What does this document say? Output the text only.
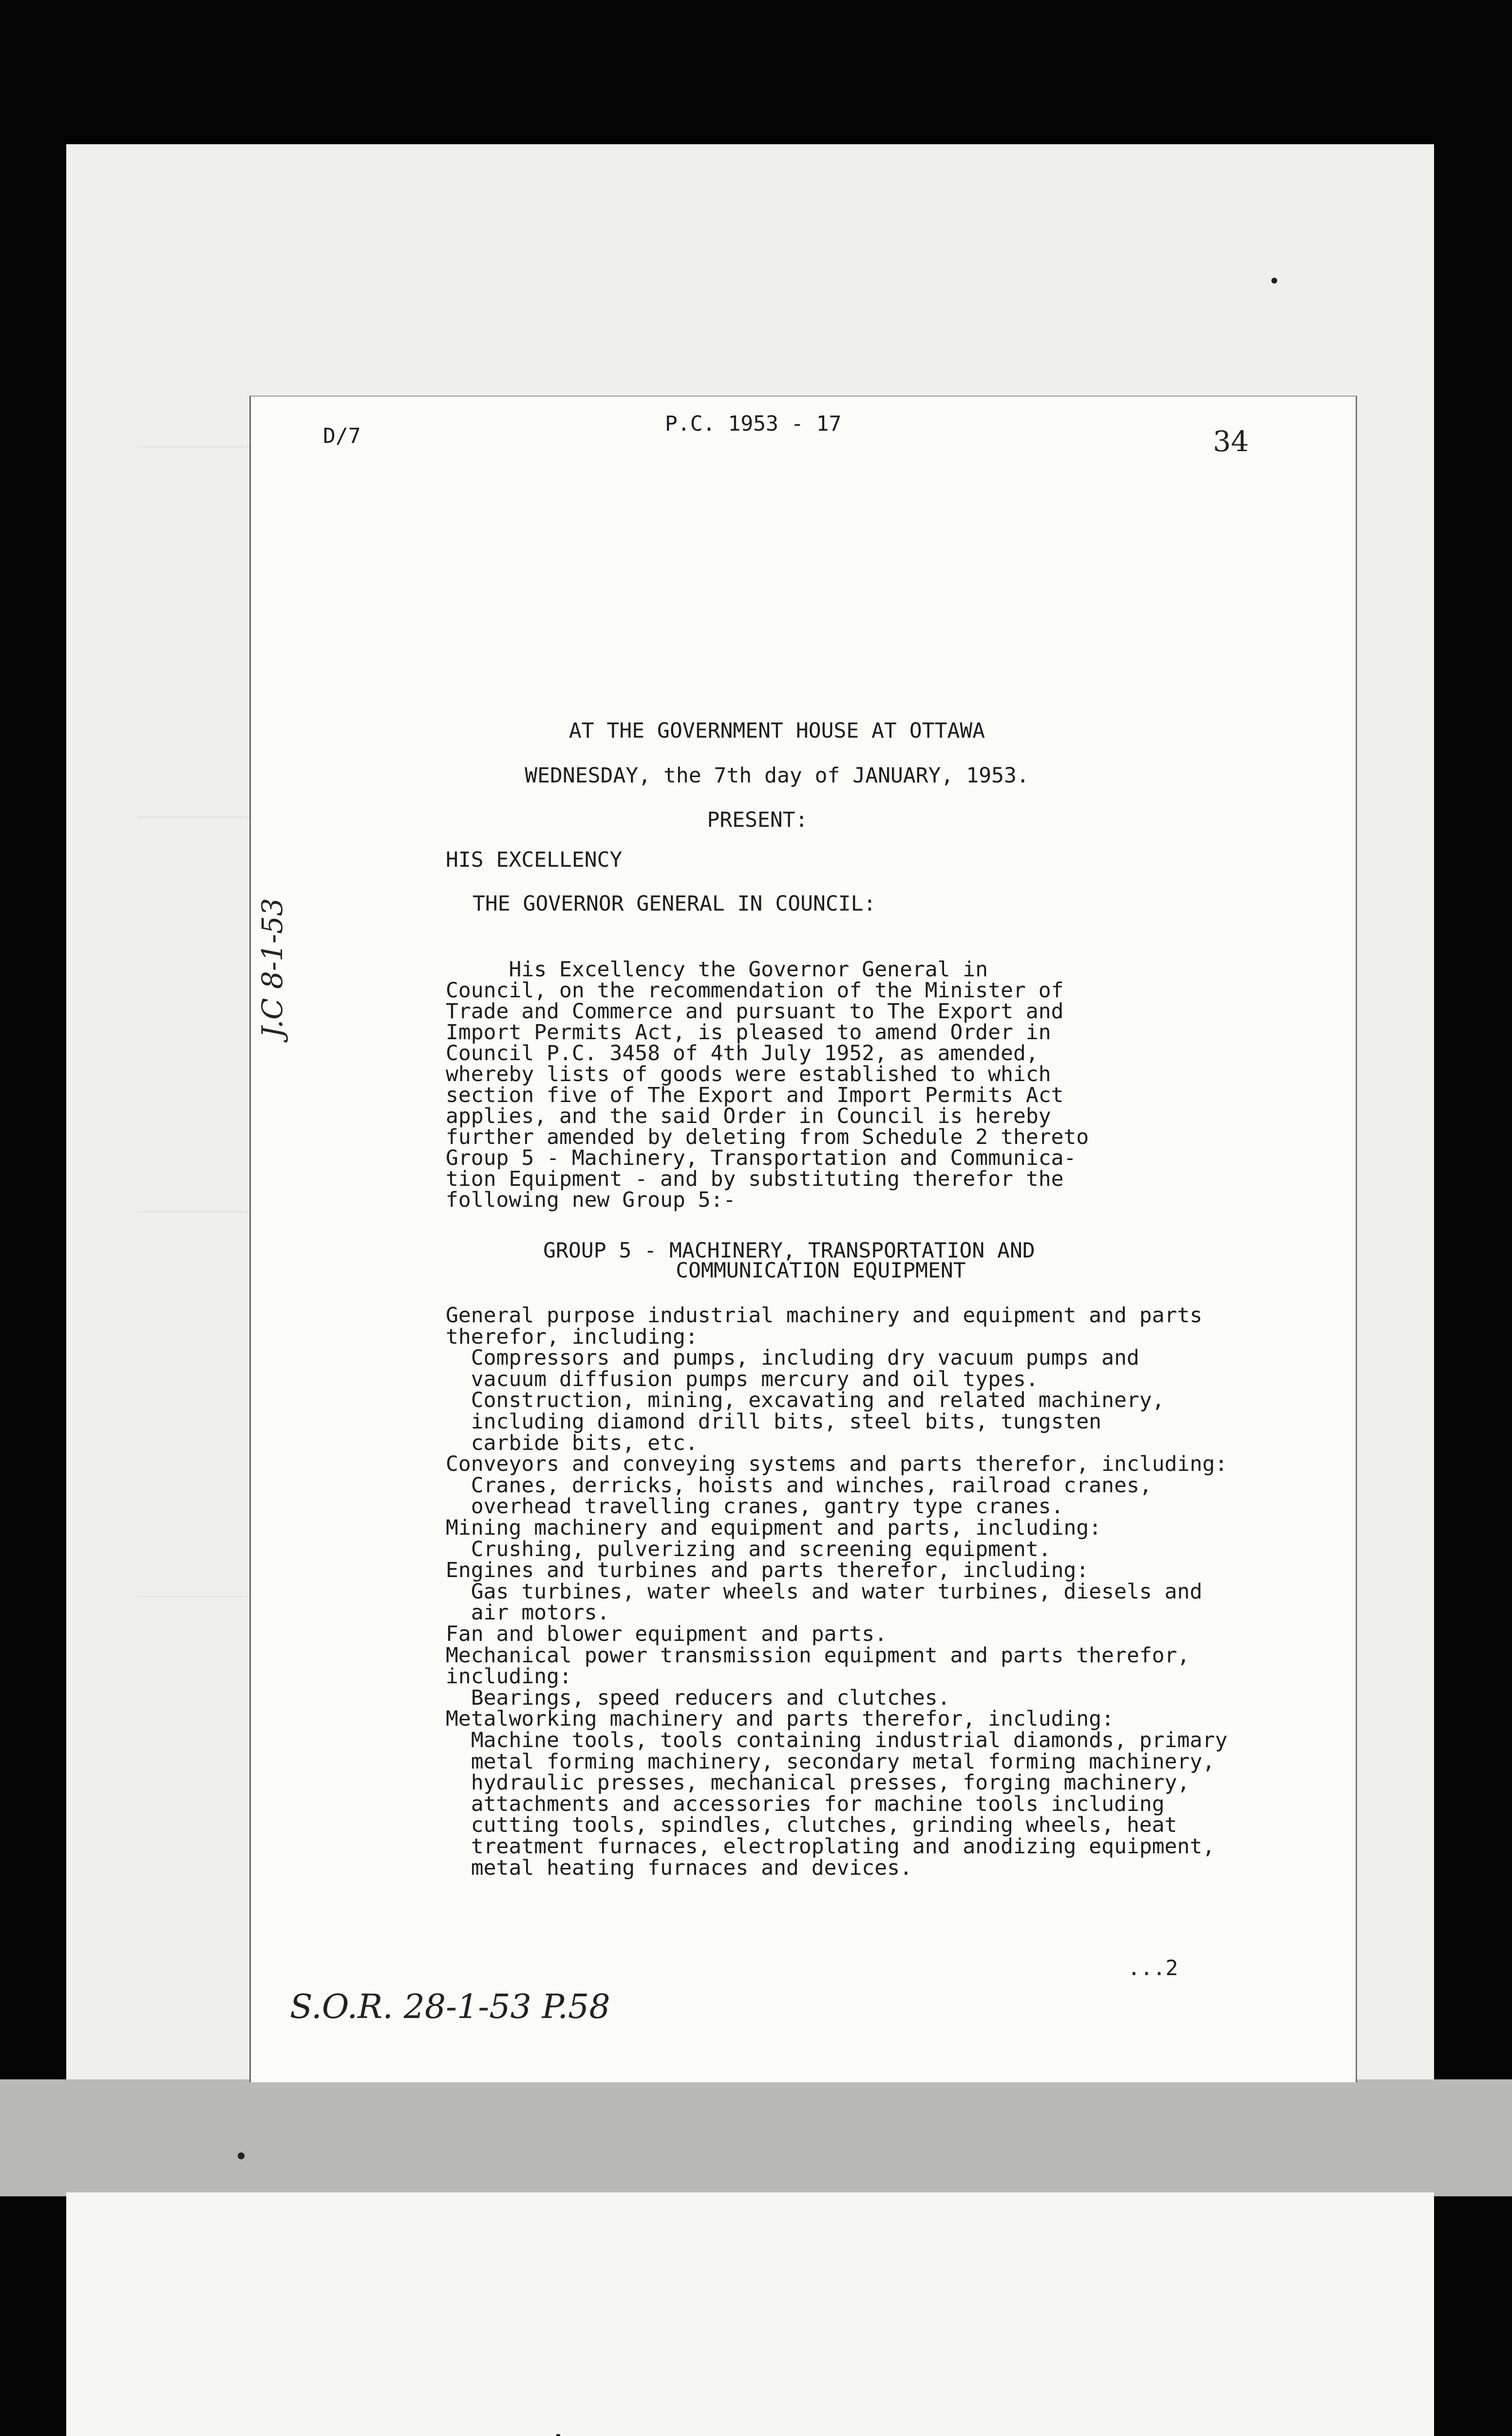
D/7	P.C. 1953 - 17
34
AT THE GOVERNMENT HOUSE AT OTTAWA
WEDNESDAY, the 7th day of JANUARY, 1953.
PRESENT:
HIS EXCELLENCY
THE GOVERNOR GENERAL IN COUNCIL:
His Excellency the Governor General in
Council, on the recommendation of the Minister of
Trade and Commerce and pursuant to The Export and
Import Permits Act, is pleased to amend Order in
Council P.C. 3458 of 4th July 1952, as amended,
whereby lists of goods were established to which
section five of The Export and Import Permits Act
applies, and the said Order in Council is hereby
further amended by deleting from Schedule 2 thereto
Group 5 - Machinery, Transportation and Communica-
tion Equipment - and by substituting therefor the
following new Group 5:-
GROUP 5 - MACHINERY, TRANSPORTATION AND
COMMUNICATION EQUIPMENT
General purpose industrial machinery and equipment and parts
therefor, including:
Compressors and pumps, including dry vacuum pumps and
vacuum diffusion pumps mercury and oil types.
Construction, mining, excavating and related machinery,
including diamond drill bits, steel bits, tungsten
carbide bits, etc.
Conveyors and conveying systems and parts therefor, including:
Cranes, derricks, hoists and winches, railroad cranes,
overhead travelling cranes, gantry type cranes.
Mining machinery and equipment and parts, including:
Crushing, pulverizing and screening equipment.
Engines and turbines and parts therefor, including:
Gas turbines, water wheels and water turbines, diesels and
air motors.
Fan and blower equipment and parts.
Mechanical power transmission equipment and parts therefor,
including:
Bearings, speed reducers and clutches.
Metalworking machinery and parts therefor, including:
Machine tools, tools containing industrial diamonds, primary
metal forming machinery, secondary metal forming machinery,
hydraulic presses, mechanical presses, forging machinery,
attachments and accessories for machine tools including
cutting tools, spindles, clutches, grinding wheels, heat
treatment furnaces, electroplating and anodizing equipment,
metal heating furnaces and devices.
...2
J.C 8-1-53
S.O.R. 28-1-53 P.58
